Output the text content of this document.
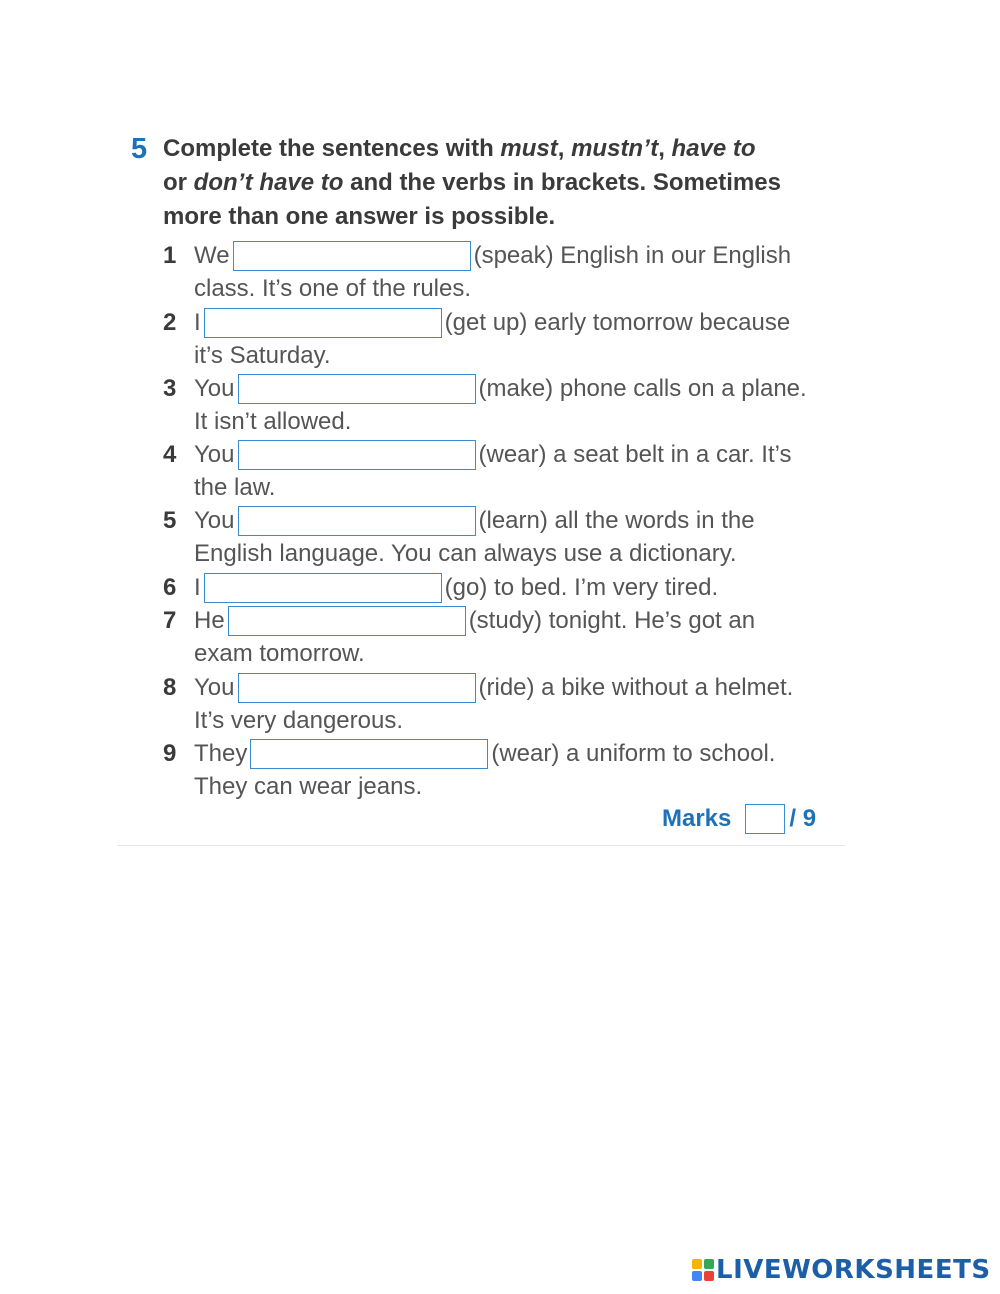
5 Complete the sentences with must, mustn’t, have to
or don’t have to and the verbs in brackets. Sometimes
more than one answer is possible.
1 We	(speak) English in our English
class. It’s one of the rules.
2 I	(get up) early tomorrow because
it’s Saturday.
3 You	(make) phone calls on a plane.
It isn’t allowed.
4 You	(wear) a seat belt in a car. It’s
the law.
5 You	(learn) all the words in the
English language. You can always use a dictionary.
6 I	(go) to bed. I’m very tired.
7 He	(study) tonight. He’s got an
exam tomorrow.
8 You	(ride) a bike without a helmet.
It’s very dangerous.
9 They	(wear) a uniform to school.
They can wear jeans.
Marks / 9
LIVEWORKSHEETS
